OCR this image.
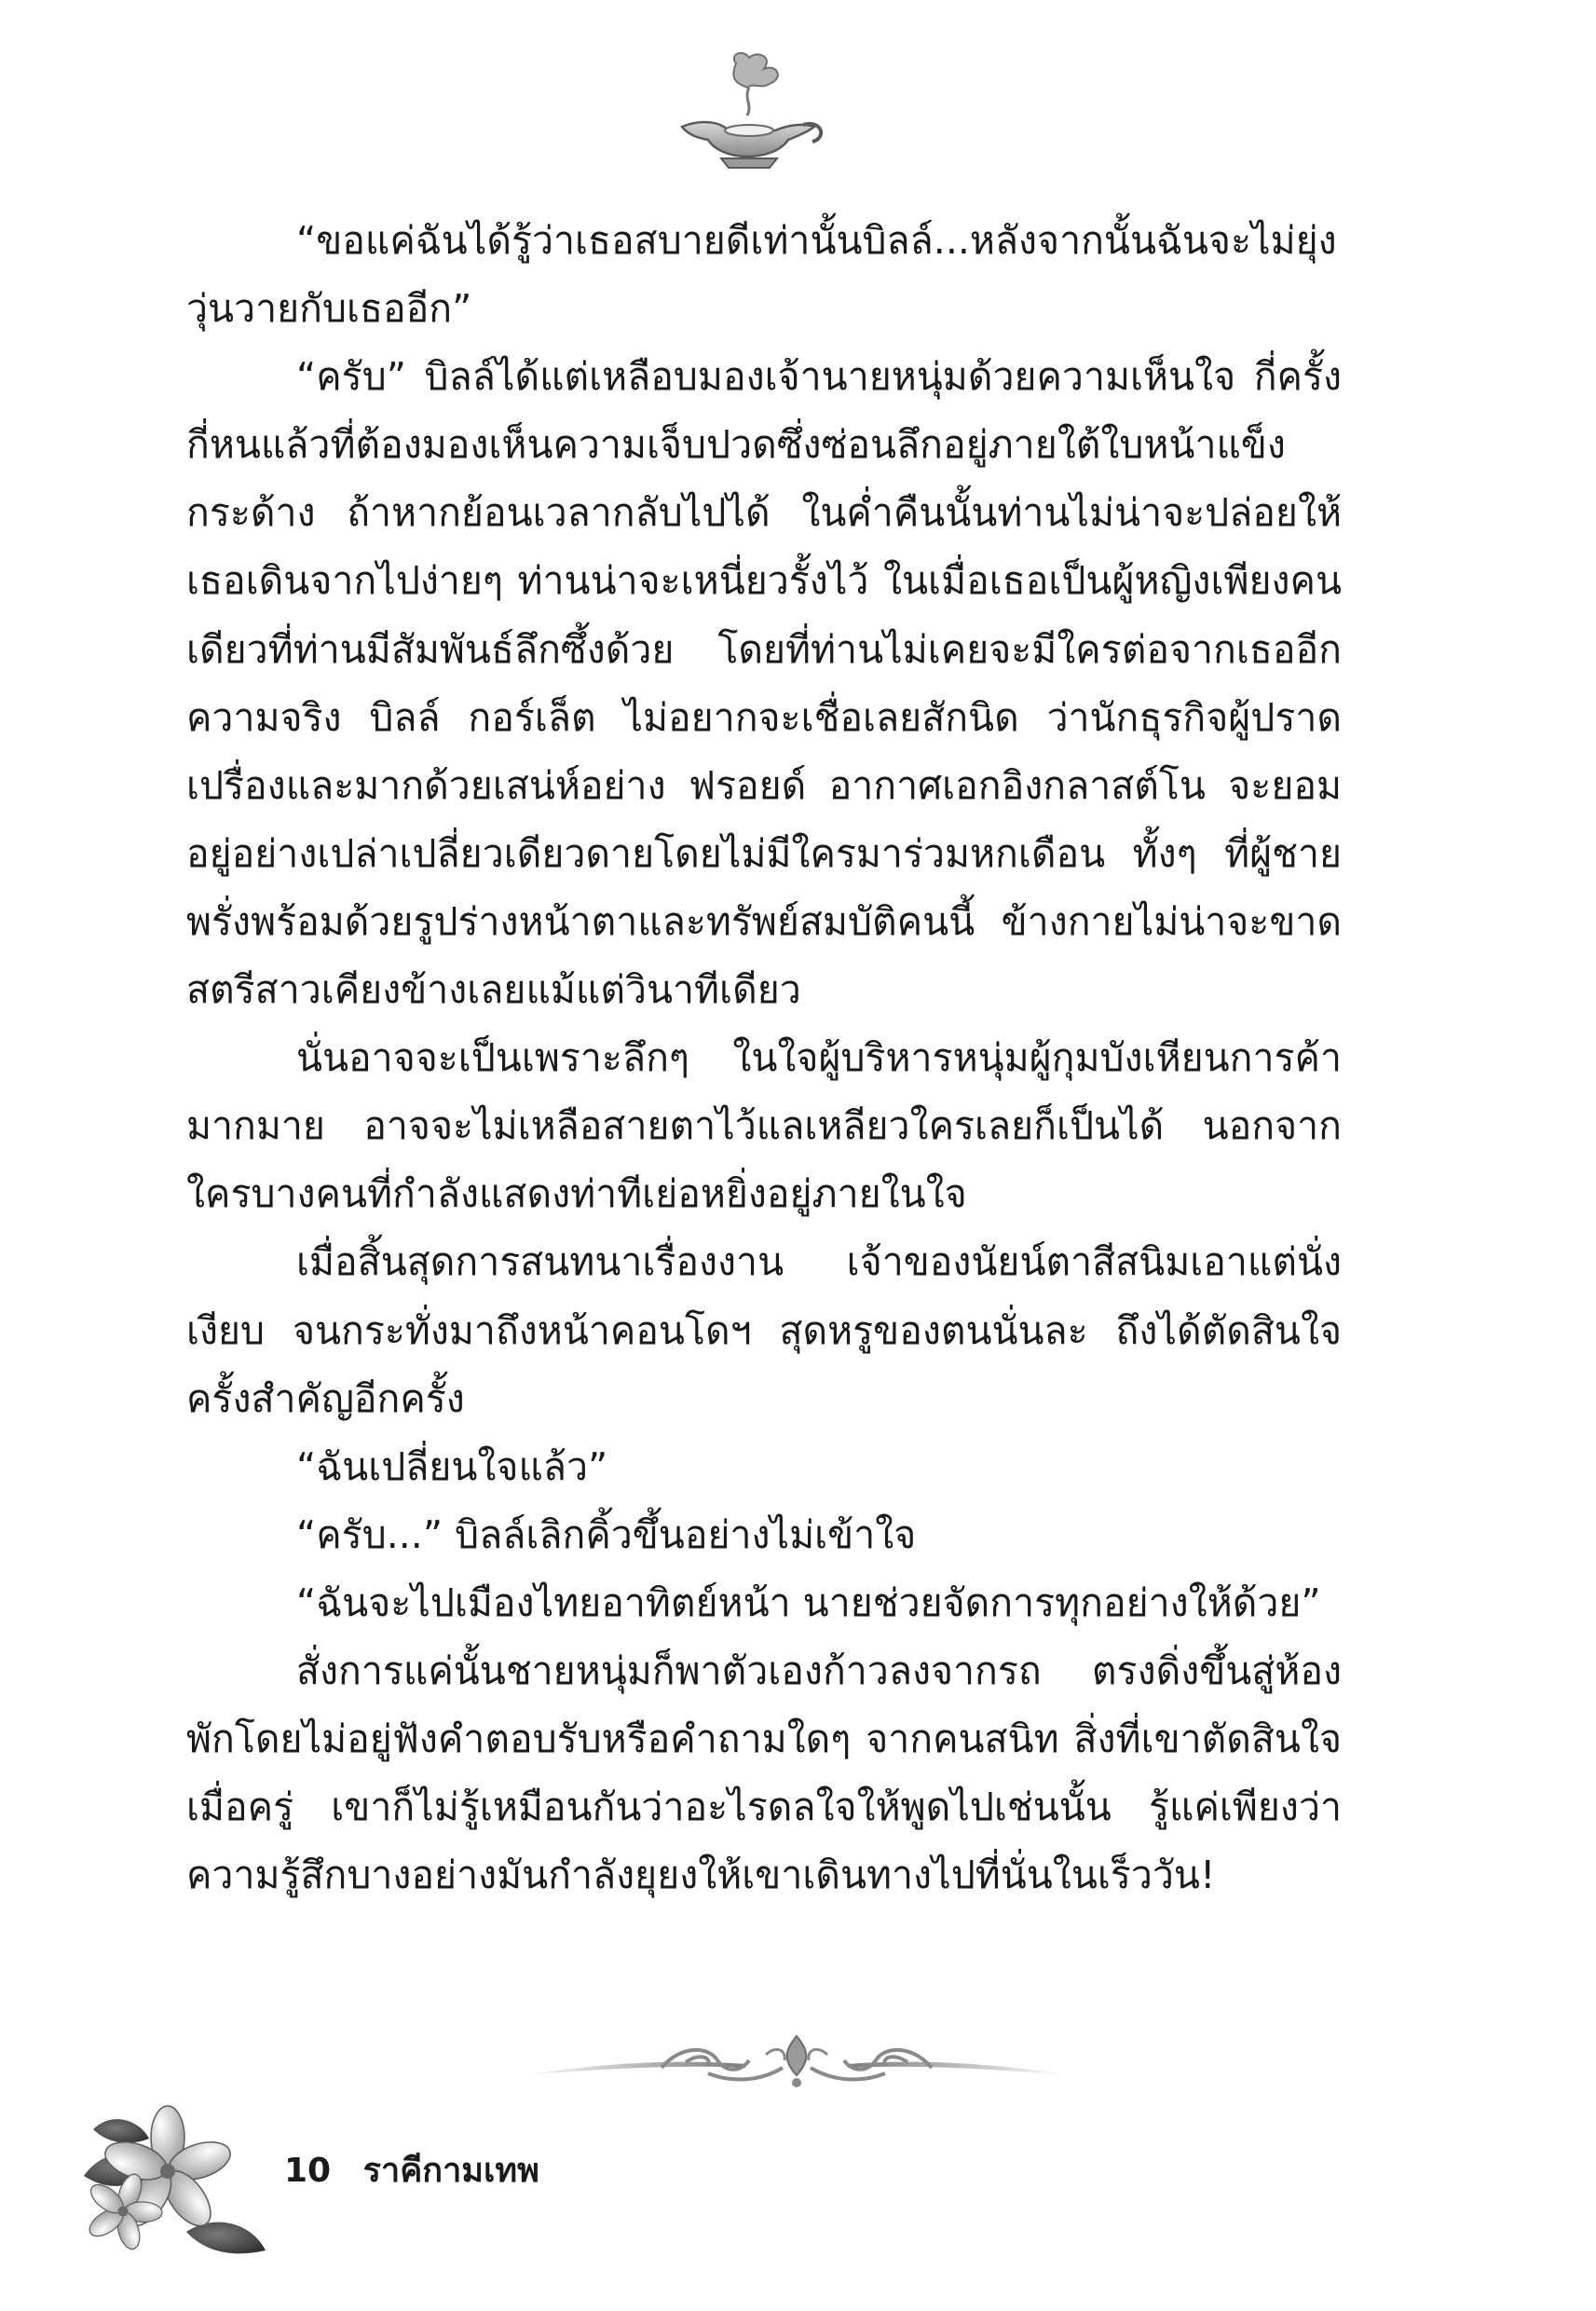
“ขอแค่ฉันได้รู้ว่าเธอสบายดีเท่านั้นบิลล์...หลังจากนั้นฉันจะไม่ยุ่งวุ่นวายกับเธออีก”

“ครับ” บิลล์ได้แต่เหลือบมองเจ้านายหนุ่มด้วยความเห็นใจ กี่ครั้งกี่หนแล้วที่ต้องมองเห็นความเจ็บปวดซึ่งซ่อนลึกอยู่ภายใต้ใบหน้าแข็งกระด้าง ถ้าหากย้อนเวลากลับไปได้ ในค่ำคืนนั้นท่านไม่น่าจะปล่อยให้เธอเดินจากไปง่ายๆ ท่านน่าจะเหนี่ยวรั้งไว้ ในเมื่อเธอเป็นผู้หญิงเพียงคนเดียวที่ท่านมีสัมพันธ์ลึกซึ้งด้วย โดยที่ท่านไม่เคยจะมีใครต่อจากเธออีก ความจริง บิลล์ กอร์เล็ต ไม่อยากจะเชื่อเลยสักนิด ว่านักธุรกิจผู้ปราดเปรื่องและมากด้วยเสน่ห์อย่าง ฟรอยด์ อากาศเอกอิงกลาสต์โน จะยอมอยู่อย่างเปล่าเปลี่ยวเดียวดายโดยไม่มีใครมาร่วมหกเดือน ทั้งๆ ที่ผู้ชายพรั่งพร้อมด้วยรูปร่างหน้าตาและทรัพย์สมบัติคนนี้ ข้างกายไม่น่าจะขาดสตรีสาวเคียงข้างเลยแม้แต่วินาทีเดียว

นั่นอาจจะเป็นเพราะลึกๆ ในใจผู้บริหารหนุ่มผู้กุมบังเหียนการค้ามากมาย อาจจะไม่เหลือสายตาไว้แลเหลียวใครเลยก็เป็นได้ นอกจากใครบางคนที่กำลังแสดงท่าทีเย่อหยิ่งอยู่ภายในใจ

เมื่อสิ้นสุดการสนทนาเรื่องงาน เจ้าของนัยน์ตาสีสนิมเอาแต่นั่งเงียบ จนกระทั่งมาถึงหน้าคอนโดฯ สุดหรูของตนนั่นละ ถึงได้ตัดสินใจครั้งสำคัญอีกครั้ง

“ฉันเปลี่ยนใจแล้ว”

“ครับ...” บิลล์เลิกคิ้วขึ้นอย่างไม่เข้าใจ

“ฉันจะไปเมืองไทยอาทิตย์หน้า นายช่วยจัดการทุกอย่างให้ด้วย”

สั่งการแค่นั้นชายหนุ่มก็พาตัวเองก้าวลงจากรถ ตรงดิ่งขึ้นสู่ห้องพักโดยไม่อยู่ฟังคำตอบรับหรือคำถามใดๆ จากคนสนิท สิ่งที่เขาตัดสินใจเมื่อครู่ เขาก็ไม่รู้เหมือนกันว่าอะไรดลใจให้พูดไปเช่นนั้น รู้แค่เพียงว่าความรู้สึกบางอย่างมันกำลังยุยงให้เขาเดินทางไปที่นั่นในเร็ววัน!

10 ราคีกามเทพ
